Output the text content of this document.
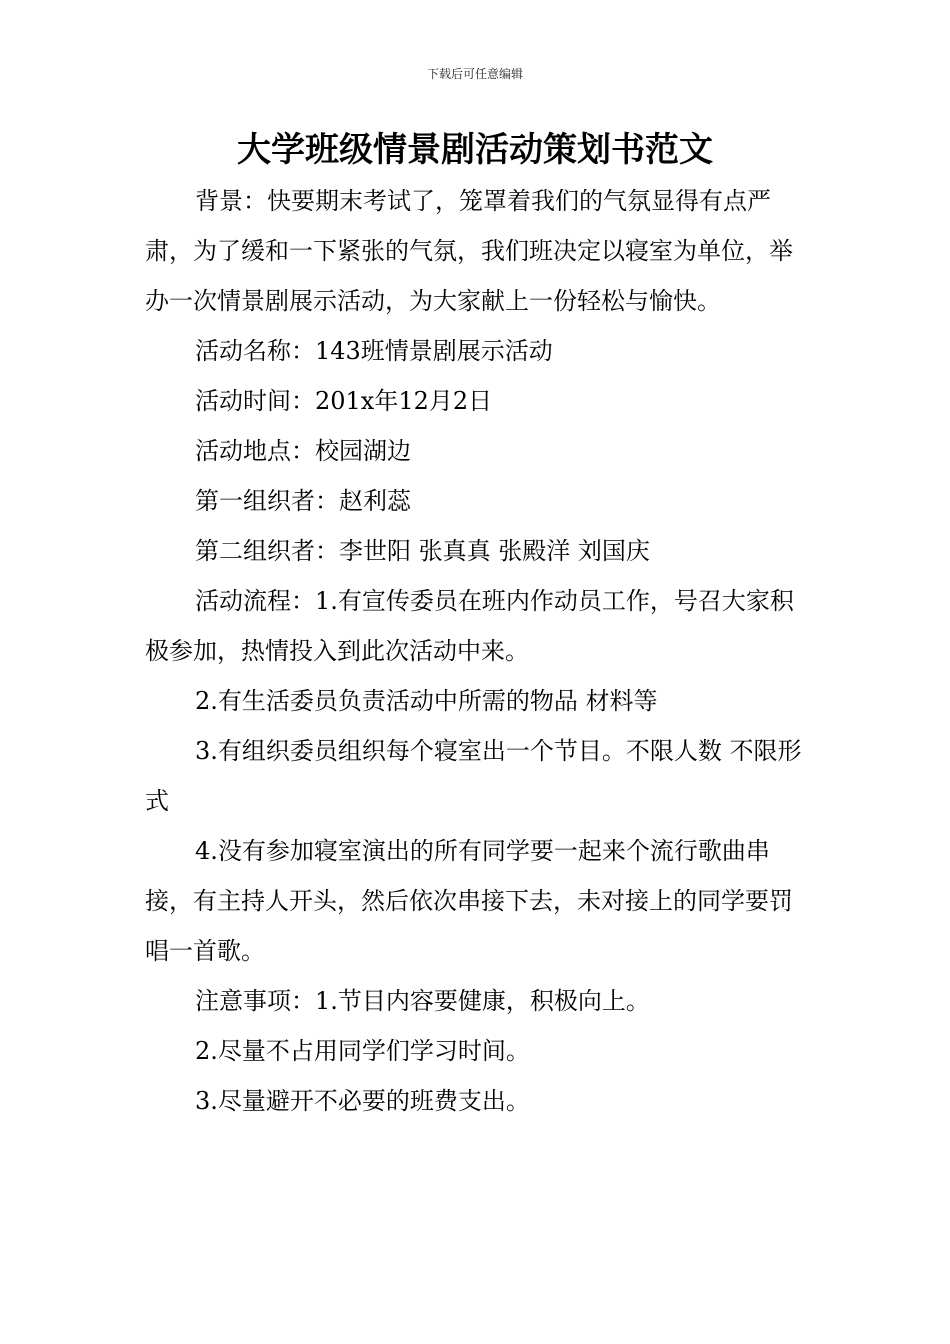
下载后可任意编辑
大学班级情景剧活动策划书范文

背景：快要期末考试了，笼罩着我们的气氛显得有点严肃，为了缓和一下紧张的气氛，我们班决定以寝室为单位，举办一次情景剧展示活动，为大家献上一份轻松与愉快。

活动名称：143班情景剧展示活动

活动时间：201x年12月2日

活动地点：校园湖边

第一组织者：赵利蕊

第二组织者：李世阳 张真真 张殿洋 刘国庆

活动流程：1.有宣传委员在班内作动员工作，号召大家积极参加，热情投入到此次活动中来。

2.有生活委员负责活动中所需的物品 材料等

3.有组织委员组织每个寝室出一个节目。不限人数 不限形式

4.没有参加寝室演出的所有同学要一起来个流行歌曲串接，有主持人开头，然后依次串接下去，未对接上的同学要罚唱一首歌。

注意事项：1.节目内容要健康，积极向上。

2.尽量不占用同学们学习时间。

3.尽量避开不必要的班费支出。
